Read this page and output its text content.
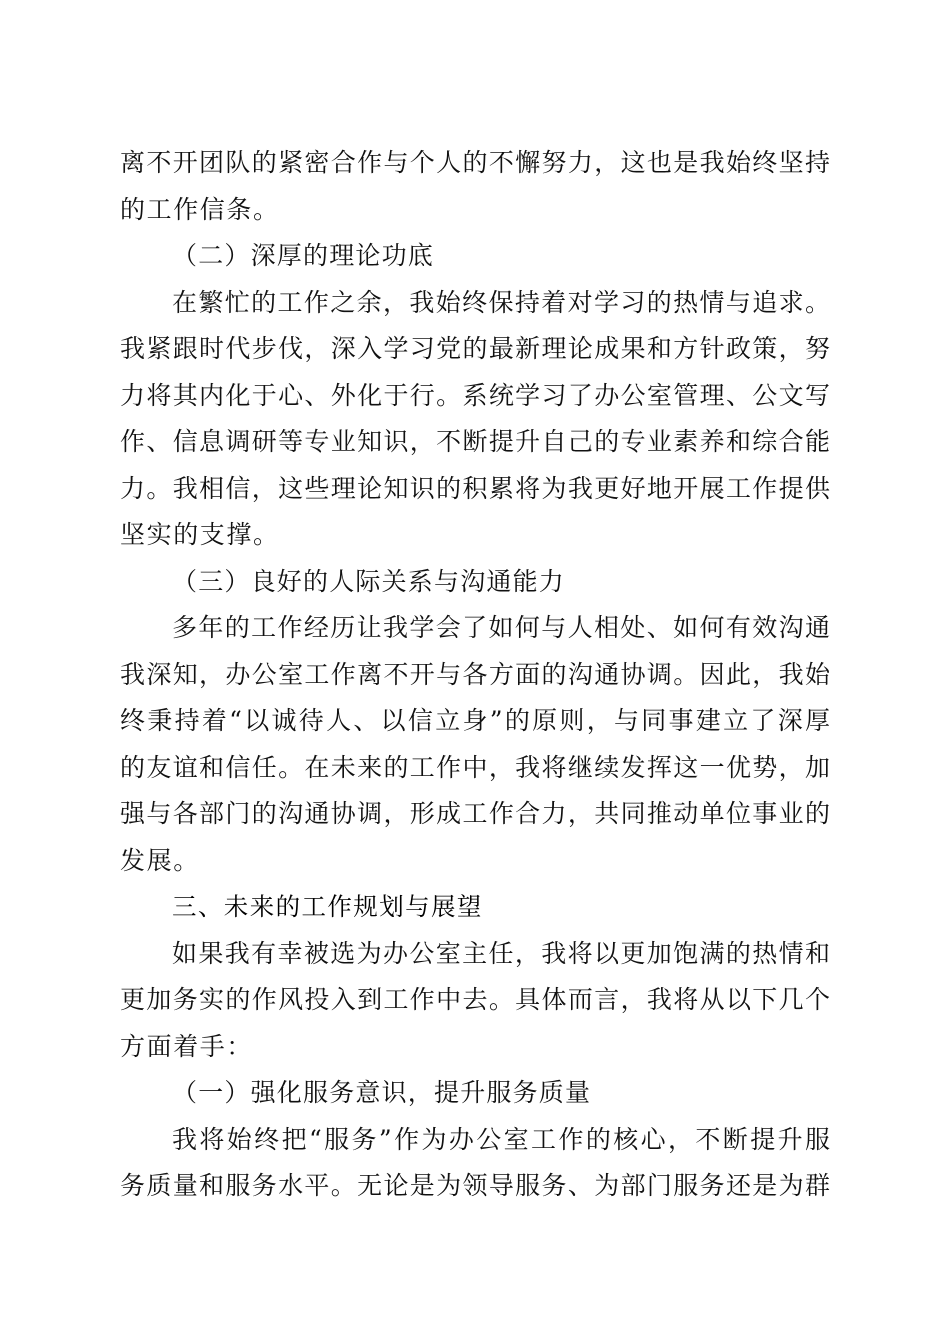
离不开团队的紧密合作与个人的不懈努力，这也是我始终坚持
的工作信条。
（二）深厚的理论功底
在繁忙的工作之余，我始终保持着对学习的热情与追求。
我紧跟时代步伐，深入学习党的最新理论成果和方针政策，努
力将其内化于心、外化于行。系统学习了办公室管理、公文写
作、信息调研等专业知识，不断提升自己的专业素养和综合能
力。我相信，这些理论知识的积累将为我更好地开展工作提供
坚实的支撑。
（三）良好的人际关系与沟通能力
多年的工作经历让我学会了如何与人相处、如何有效沟通
我深知，办公室工作离不开与各方面的沟通协调。因此，我始
终秉持着“以诚待人、以信立身”的原则，与同事建立了深厚
的友谊和信任。在未来的工作中，我将继续发挥这一优势，加
强与各部门的沟通协调，形成工作合力，共同推动单位事业的
发展。
三、未来的工作规划与展望
如果我有幸被选为办公室主任，我将以更加饱满的热情和
更加务实的作风投入到工作中去。具体而言，我将从以下几个
方面着手：
（一）强化服务意识，提升服务质量
我将始终把“服务”作为办公室工作的核心，不断提升服
务质量和服务水平。无论是为领导服务、为部门服务还是为群
